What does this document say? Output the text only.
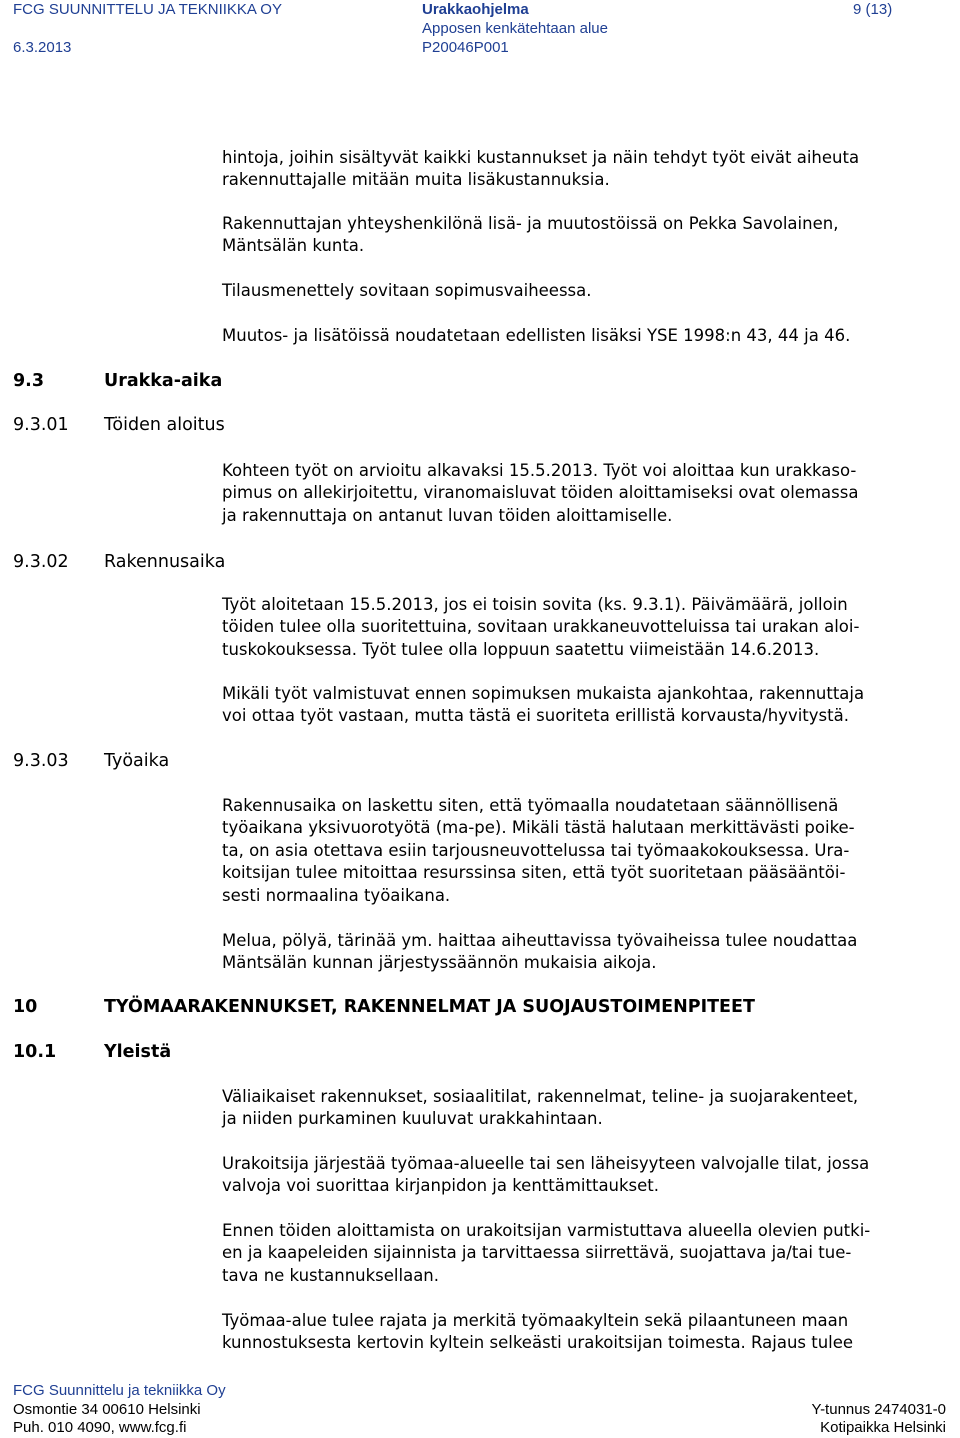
FCG SUUNNITTELU JA TEKNIIKKA OY
6.3.2013
Urakkaohjelma
Apposen kenkätehtaan alue
P20046P001
9 (13)
9.3	Urakka-aika
9.3.01 Töiden aloitus
9.3.02 Rakennusaika
9.3.03 Työaika
10	TYÖMAARAKENNUKSET, RAKENNELMAT JA SUOJAUSTOIMENPITEET
10.1	Yleistä
hintoja, joihin sisältyvät kaikki kustannukset ja näin tehdyt työt eivät aiheuta
rakennuttajalle mitään muita lisäkustannuksia.
Rakennuttajan yhteyshenkilönä lisä- ja muutostöissä on Pekka Savolainen,
Mäntsälän kunta.
Tilausmenettely sovitaan sopimusvaiheessa.
Muutos- ja lisätöissä noudatetaan edellisten lisäksi YSE 1998:n 43, 44 ja 46.
Kohteen työt on arvioitu alkavaksi 15.5.2013. Työt voi aloittaa kun urakkaso-
pimus on allekirjoitettu, viranomaisluvat töiden aloittamiseksi ovat olemassa
ja rakennuttaja on antanut luvan töiden aloittamiselle.
Työt aloitetaan 15.5.2013, jos ei toisin sovita (ks. 9.3.1). Päivämäärä, jolloin
töiden tulee olla suoritettuina, sovitaan urakkaneuvotteluissa tai urakan aloi-
tuskokouksessa. Työt tulee olla loppuun saatettu viimeistään 14.6.2013.
Mikäli työt valmistuvat ennen sopimuksen mukaista ajankohtaa, rakennuttaja
voi ottaa työt vastaan, mutta tästä ei suoriteta erillistä korvausta/hyvitystä.
Rakennusaika on laskettu siten, että työmaalla noudatetaan säännöllisenä
työaikana yksivuorotyötä (ma-pe). Mikäli tästä halutaan merkittävästi poike-
ta, on asia otettava esiin tarjousneuvottelussa tai työmaakokouksessa. Ura-
koitsijan tulee mitoittaa resurssinsa siten, että työt suoritetaan pääsääntöi-
sesti normaalina työaikana.
Melua, pölyä, tärinää ym. haittaa aiheuttavissa työvaiheissa tulee noudattaa
Mäntsälän kunnan järjestyssäännön mukaisia aikoja.
Väliaikaiset rakennukset, sosiaalitilat, rakennelmat, teline- ja suojarakenteet,
ja niiden purkaminen kuuluvat urakkahintaan.
Urakoitsija järjestää työmaa-alueelle tai sen läheisyyteen valvojalle tilat, jossa
valvoja voi suorittaa kirjanpidon ja kenttämittaukset.
Ennen töiden aloittamista on urakoitsijan varmistuttava alueella olevien putki-
en ja kaapeleiden sijainnista ja tarvittaessa siirrettävä, suojattava ja/tai tue-
tava ne kustannuksellaan.
Työmaa-alue tulee rajata ja merkitä työmaakyltein sekä pilaantuneen maan
kunnostuksesta kertovin kyltein selkeästi urakoitsijan toimesta. Rajaus tulee
FCG Suunnittelu ja tekniikka Oy
Osmontie 34 00610 Helsinki
Puh. 010 4090, www.fcg.fi
Y-tunnus 2474031-0
Kotipaikka Helsinki
